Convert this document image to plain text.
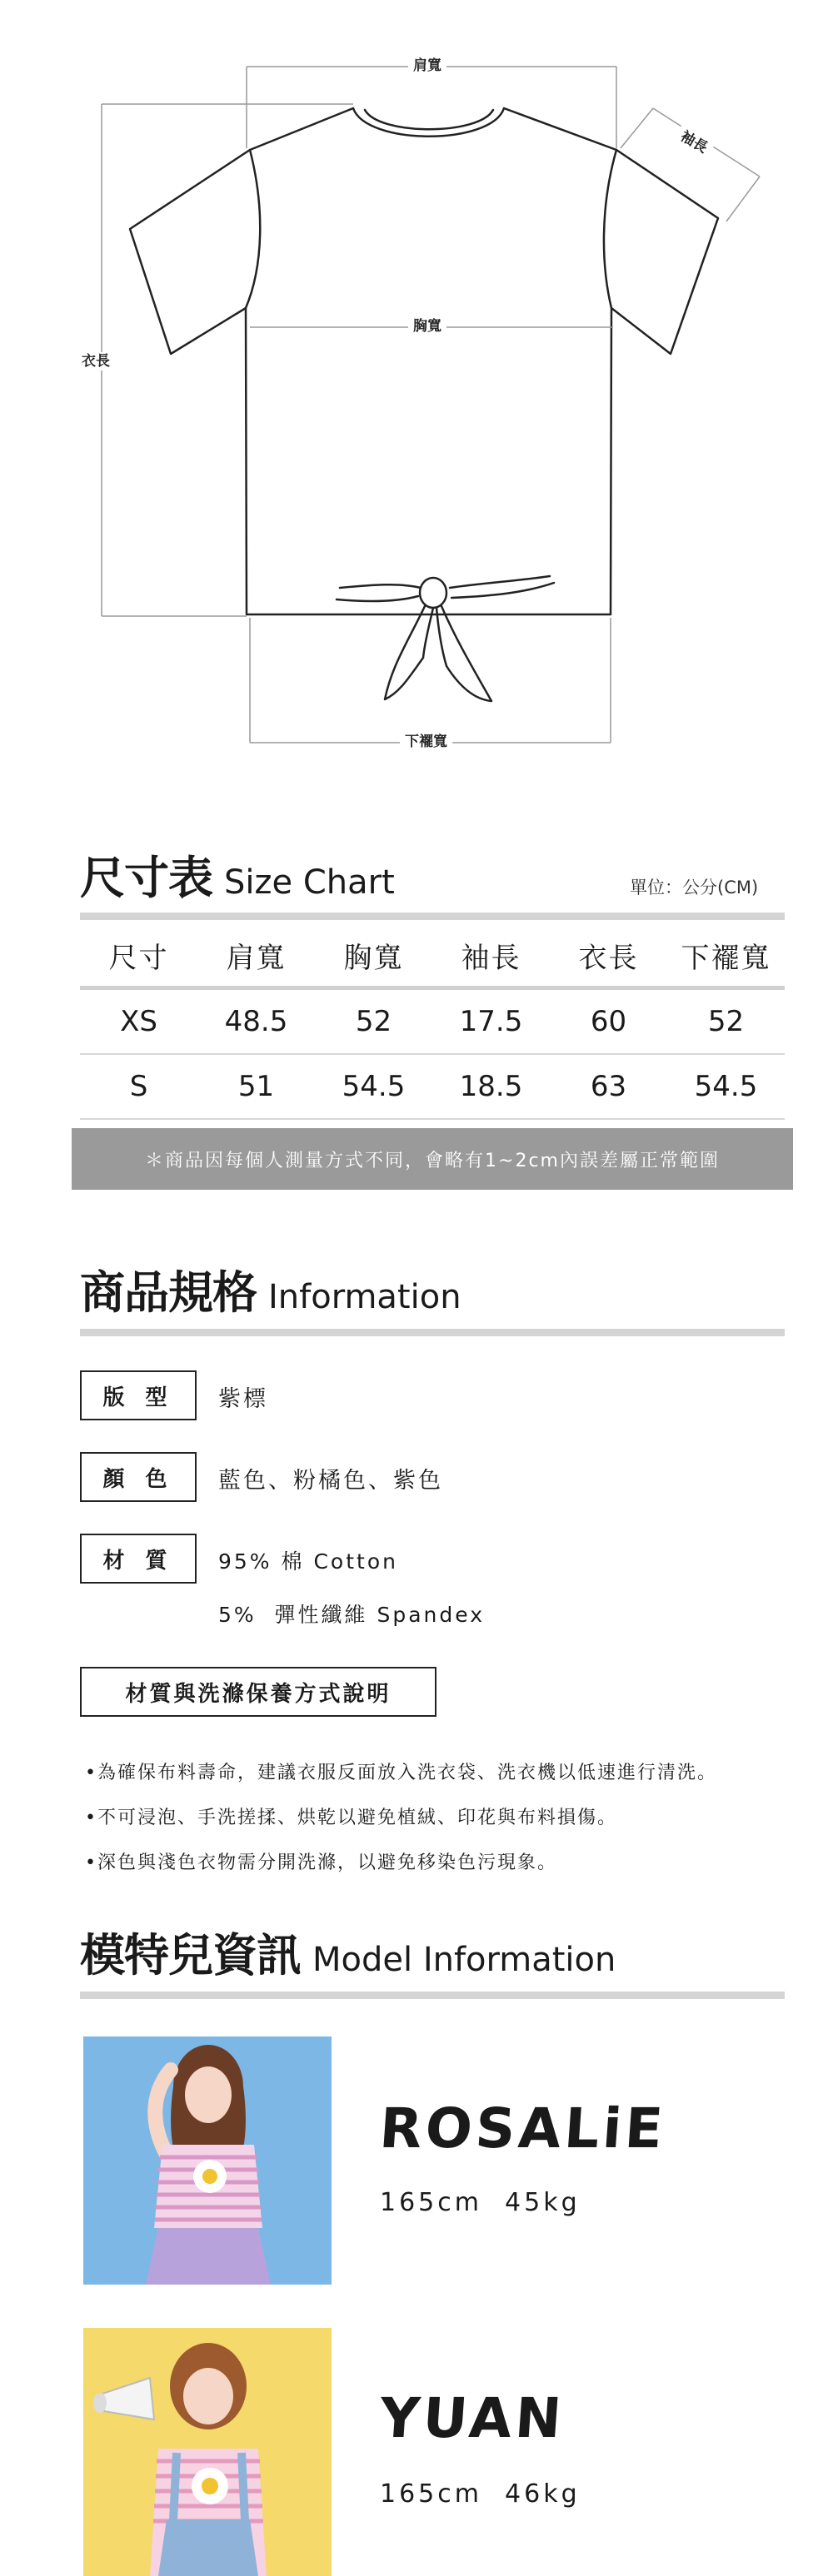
肩寬
袖長
胸寬
衣長
下襬寬
尺寸表 Size Chart	單位：公分(CM)
尺寸	肩寬	胸寬	袖長	衣長	下襬寬
XS	48.5	52	17.5	60	52
S	51	54.5	18.5	63	54.5
＊商品因每個人測量方式不同，會略有1~2cm內誤差屬正常範圍
商品規格 Information
版 型	紫標
顏 色	藍色、粉橘色、紫色
材 質	95% 棉 Cotton
5%  彈性纖維 Spandex
材質與洗滌保養方式說明
•為確保布料壽命，建議衣服反面放入洗衣袋、洗衣機以低速進行清洗。
•不可浸泡、手洗搓揉、烘乾以避免植絨、印花與布料損傷。
•深色與淺色衣物需分開洗滌，以避免移染色污現象。
模特兒資訊 Model Information
ROSALiE
165cm  45kg
YUAN
165cm  46kg
